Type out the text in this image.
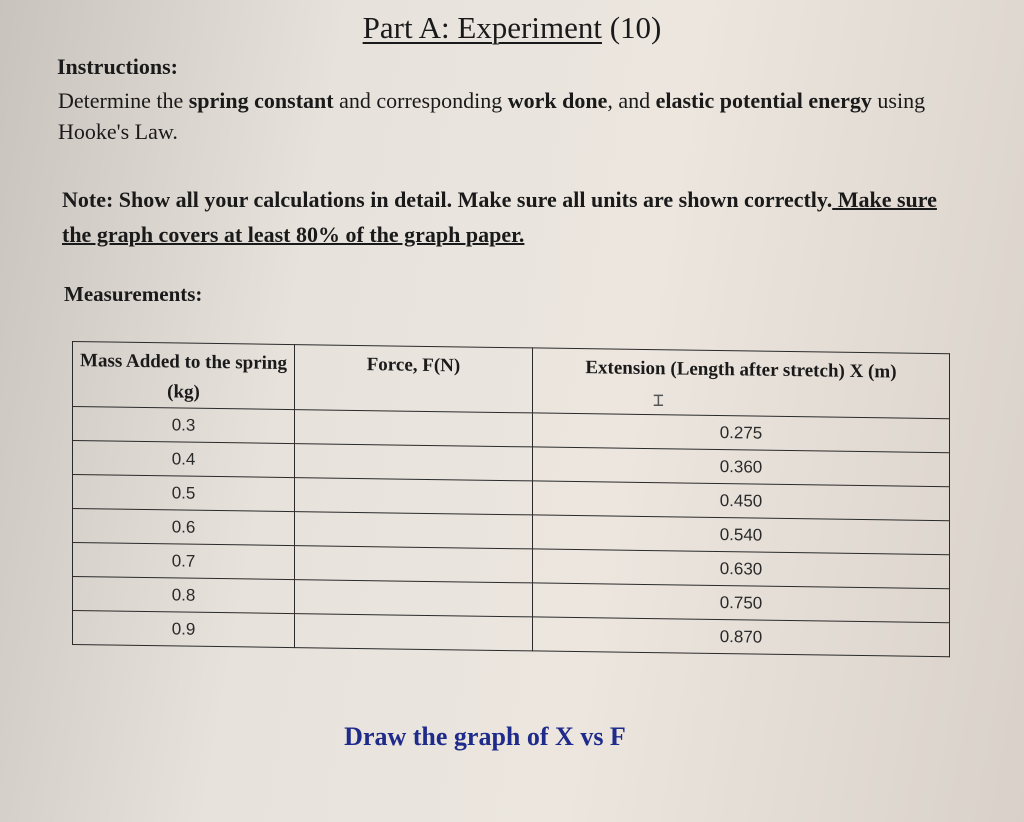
Part A: Experiment (10)
Instructions:
Determine the spring constant and corresponding work done, and elastic potential energy using Hooke's Law.
Note: Show all your calculations in detail. Make sure all units are shown correctly. Make sure the graph covers at least 80% of the graph paper.
Measurements:
Mass Added to the spring (kg)	Force, F(N)	Extension (Length after stretch) X (m)
0.3		0.275
0.4		0.360
0.5		0.450
0.6		0.540
0.7		0.630
0.8		0.750
0.9		0.870
⌶
Draw the graph of X vs F
